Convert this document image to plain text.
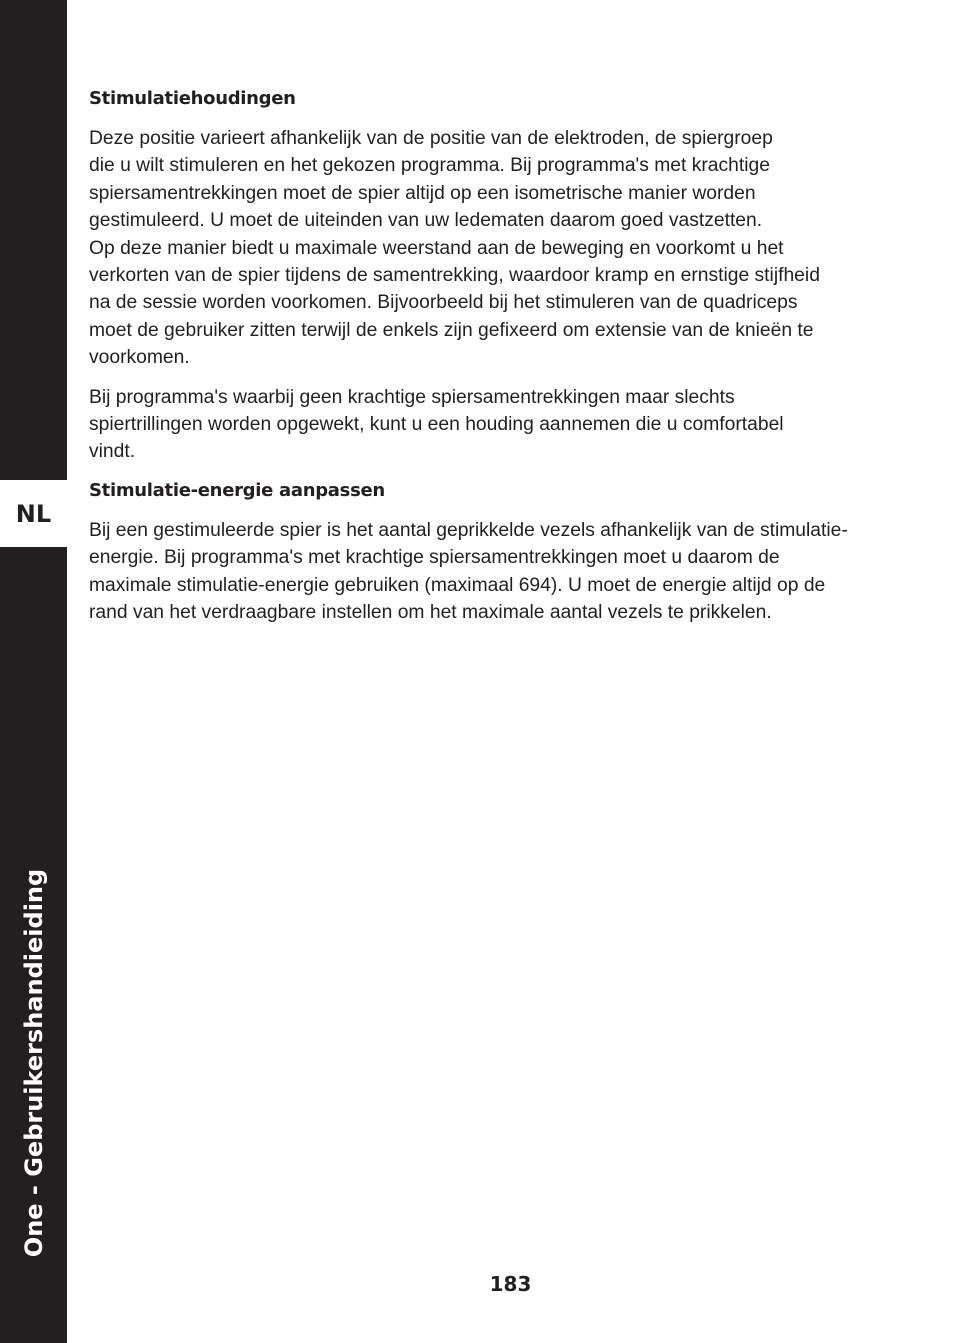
NL
One - Gebruikershandieiding
Stimulatiehoudingen

Deze positie varieert afhankelijk van de positie van de elektroden, de spiergroep
die u wilt stimuleren en het gekozen programma. Bij programma's met krachtige
spiersamentrekkingen moet de spier altijd op een isometrische manier worden
gestimuleerd. U moet de uiteinden van uw ledematen daarom goed vastzetten.
Op deze manier biedt u maximale weerstand aan de beweging en voorkomt u het
verkorten van de spier tijdens de samentrekking, waardoor kramp en ernstige stijfheid
na de sessie worden voorkomen. Bijvoorbeeld bij het stimuleren van de quadriceps
moet de gebruiker zitten terwijl de enkels zijn gefixeerd om extensie van de knieën te
voorkomen.

Bij programma's waarbij geen krachtige spiersamentrekkingen maar slechts
spiertrillingen worden opgewekt, kunt u een houding aannemen die u comfortabel
vindt.

Stimulatie-energie aanpassen

Bij een gestimuleerde spier is het aantal geprikkelde vezels afhankelijk van de stimulatie-
energie. Bij programma's met krachtige spiersamentrekkingen moet u daarom de
maximale stimulatie-energie gebruiken (maximaal 694). U moet de energie altijd op de
rand van het verdraagbare instellen om het maximale aantal vezels te prikkelen.

183
